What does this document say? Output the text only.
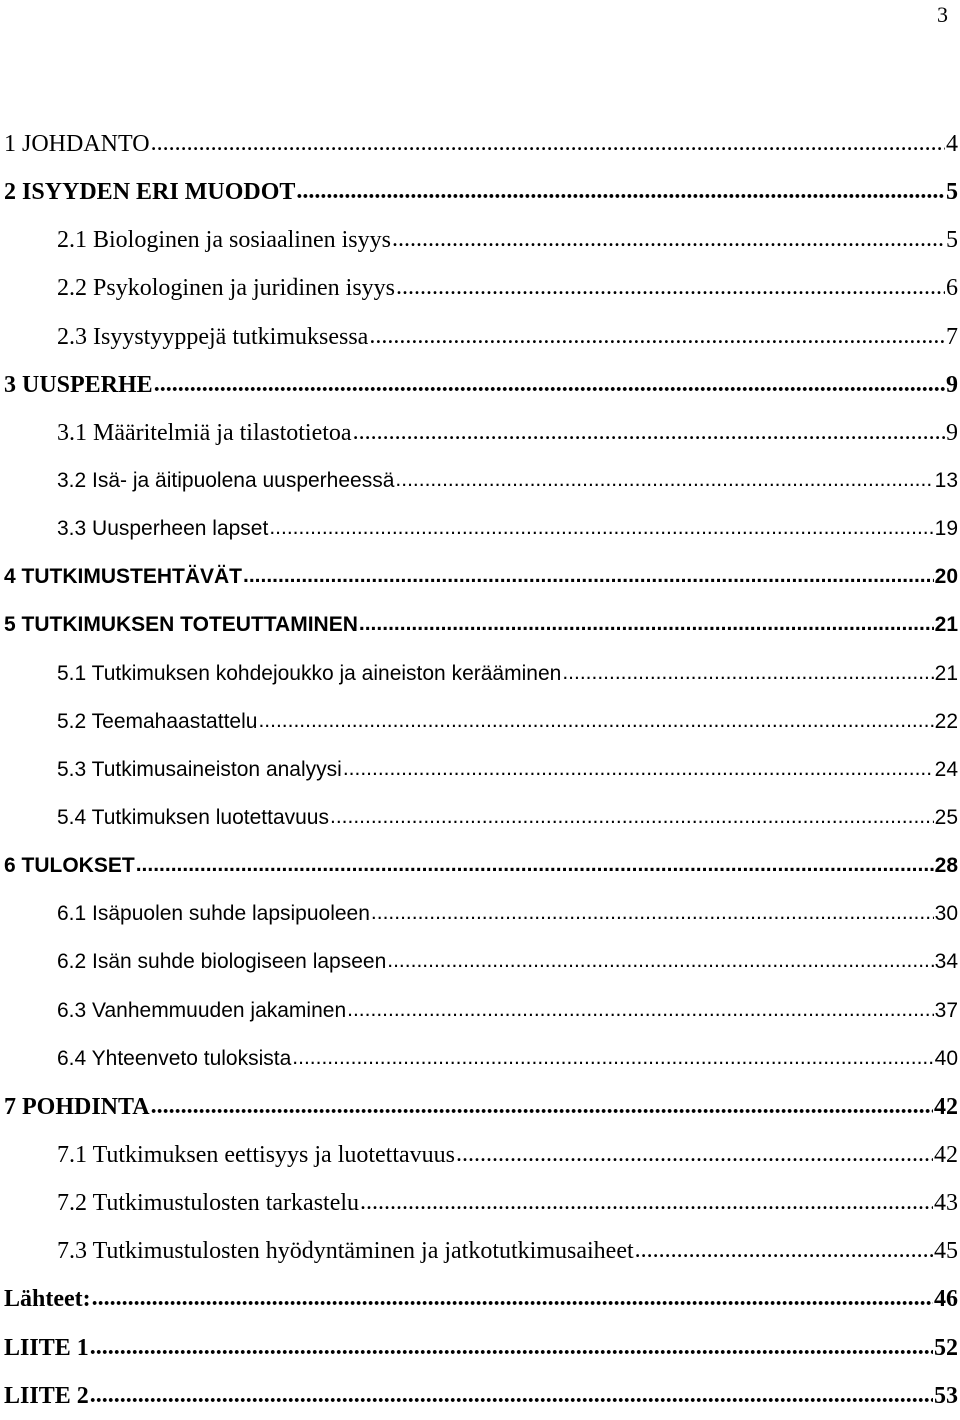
3
1 JOHDANTO .....	4
2 ISYYDEN ERI MUODOT .....	5
2.1 Biologinen ja sosiaalinen isyys .....	5
2.2 Psykologinen ja juridinen isyys .....	6
2.3 Isyystyyppejä tutkimuksessa .....	7
3 UUSPERHE .....	9
3.1 Määritelmiä ja tilastotietoa .....	9
3.2 Isä- ja äitipuolena uusperheessä .....	13
3.3 Uusperheen lapset .....	19
4 TUTKIMUSTEHTÄVÄT .....	20
5 TUTKIMUKSEN TOTEUTTAMINEN .....	21
5.1 Tutkimuksen kohdejoukko ja aineiston kerääminen .....	21
5.2 Teemahaastattelu .....	22
5.3 Tutkimusaineiston analyysi .....	24
5.4 Tutkimuksen luotettavuus .....	25
6 TULOKSET .....	28
6.1 Isäpuolen suhde lapsipuoleen .....	30
6.2 Isän suhde biologiseen lapseen .....	34
6.3 Vanhemmuuden jakaminen .....	37
6.4 Yhteenveto tuloksista .....	40
7 POHDINTA .....	42
7.1 Tutkimuksen eettisyys ja luotettavuus .....	42
7.2 Tutkimustulosten tarkastelu .....	43
7.3 Tutkimustulosten hyödyntäminen ja jatkotutkimusaiheet .....	45
Lähteet: .....	46
LIITE 1 .....	52
LIITE 2 .....	53
